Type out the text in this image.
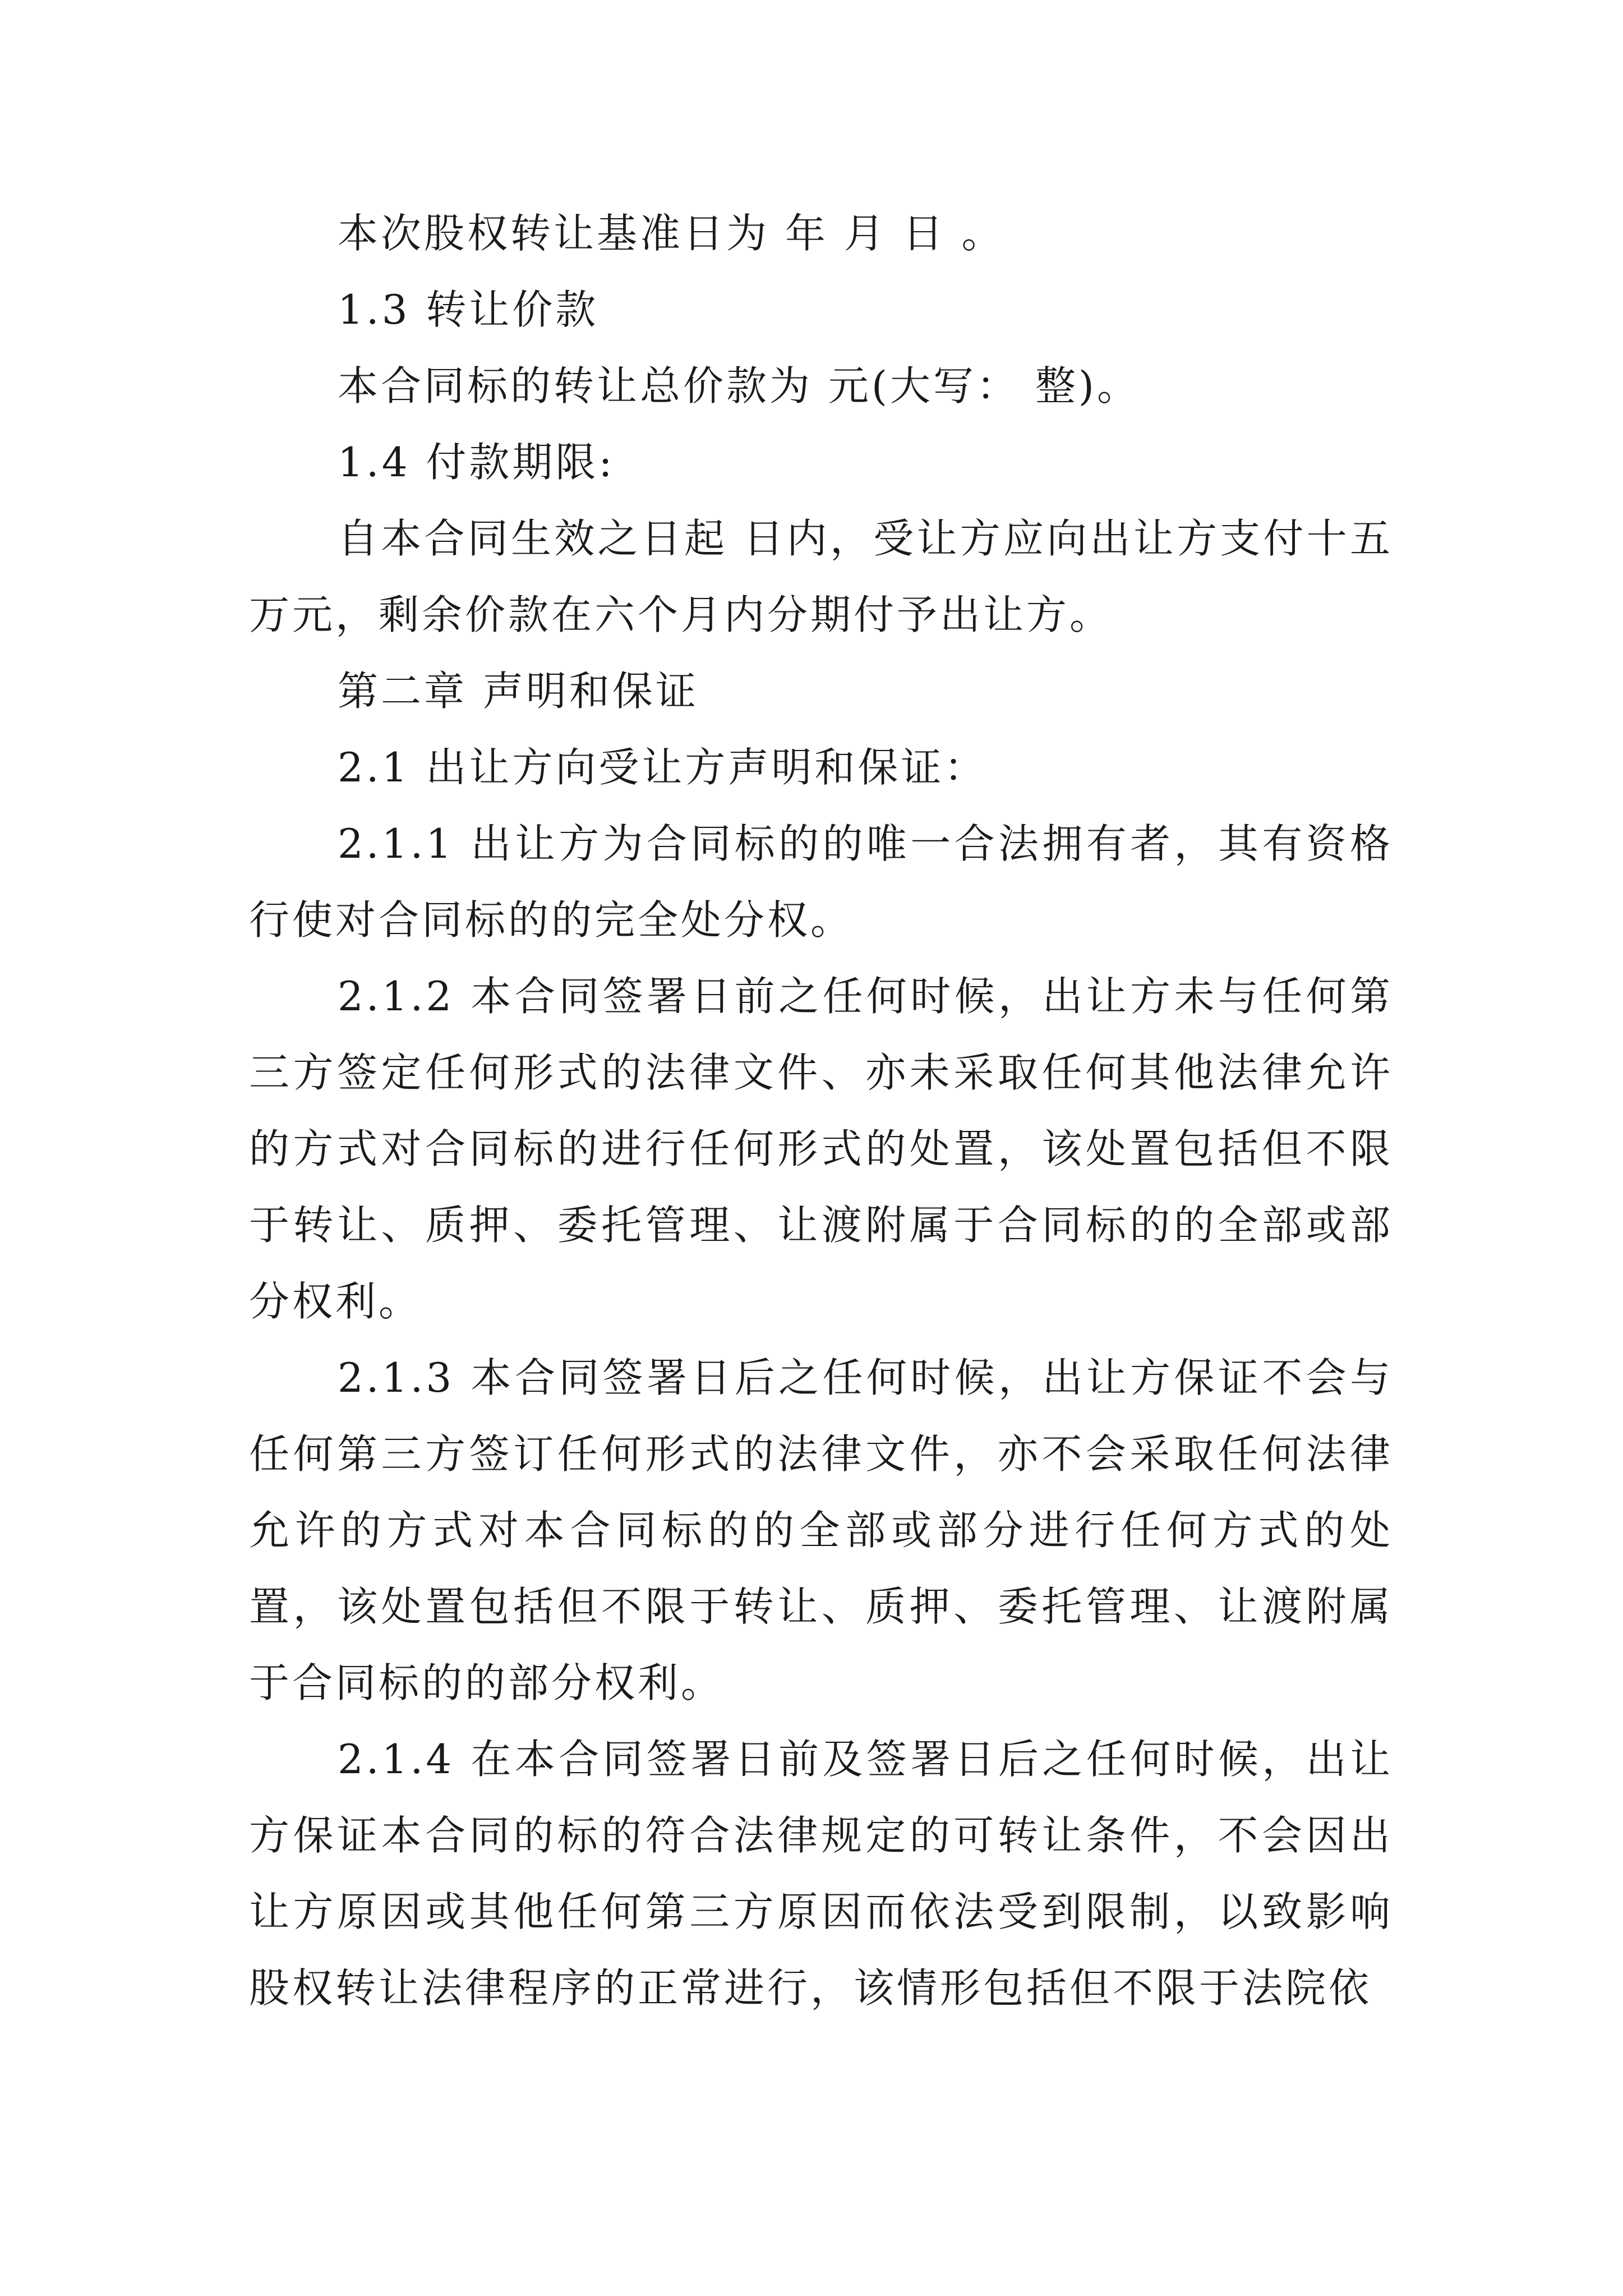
本次股权转让基准日为 年 月 日 。

1.3 转让价款

本合同标的转让总价款为 元(大写： 整)。

1.4 付款期限:

自本合同生效之日起 日内，受让方应向出让方支付十五万元，剩余价款在六个月内分期付予出让方。

第二章 声明和保证

2.1 出让方向受让方声明和保证：

2.1.1 出让方为合同标的的唯一合法拥有者，其有资格行使对合同标的的完全处分权。

2.1.2 本合同签署日前之任何时候，出让方未与任何第三方签定任何形式的法律文件、亦未采取任何其他法律允许的方式对合同标的进行任何形式的处置，该处置包括但不限于转让、质押、委托管理、让渡附属于合同标的的全部或部分权利。

2.1.3 本合同签署日后之任何时候，出让方保证不会与任何第三方签订任何形式的法律文件，亦不会采取任何法律允许的方式对本合同标的的全部或部分进行任何方式的处置，该处置包括但不限于转让、质押、委托管理、让渡附属于合同标的的部分权利。

2.1.4 在本合同签署日前及签署日后之任何时候，出让方保证本合同的标的符合法律规定的可转让条件，不会因出让方原因或其他任何第三方原因而依法受到限制，以致影响股权转让法律程序的正常进行，该情形包括但不限于法院依
